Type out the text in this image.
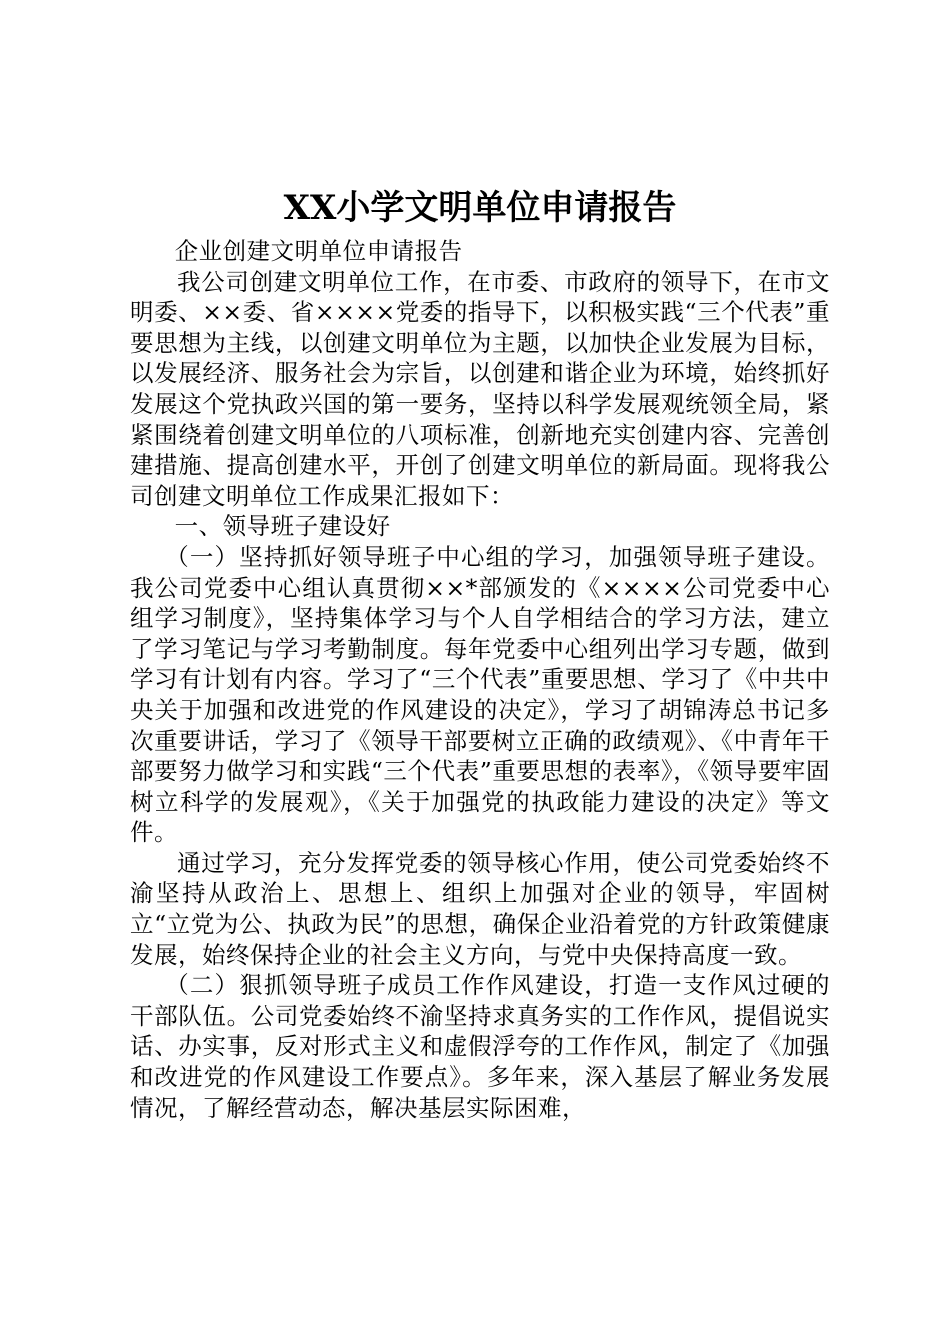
XX小学文明单位申请报告

企业创建文明单位申请报告

我公司创建文明单位工作，在市委、市政府的领导下，在市文明委、××委、省××××党委的指导下，以积极实践“三个代表”重要思想为主线，以创建文明单位为主题，以加快企业发展为目标，以发展经济、服务社会为宗旨，以创建和谐企业为环境，始终抓好发展这个党执政兴国的第一要务，坚持以科学发展观统领全局，紧紧围绕着创建文明单位的八项标准，创新地充实创建内容、完善创建措施、提高创建水平，开创了创建文明单位的新局面。现将我公司创建文明单位工作成果汇报如下：

一、领导班子建设好

（一）坚持抓好领导班子中心组的学习，加强领导班子建设。我公司党委中心组认真贯彻××*部颁发的《××××公司党委中心组学习制度》，坚持集体学习与个人自学相结合的学习方法，建立了学习笔记与学习考勤制度。每年党委中心组列出学习专题，做到学习有计划有内容。学习了“三个代表”重要思想、学习了《中共中央关于加强和改进党的作风建设的决定》，学习了胡锦涛总书记多次重要讲话，学习了《领导干部要树立正确的政绩观》、《中青年干部要努力做学习和实践“三个代表”重要思想的表率》，《领导要牢固树立科学的发展观》，《关于加强党的执政能力建设的决定》等文件。

通过学习，充分发挥党委的领导核心作用，使公司党委始终不渝坚持从政治上、思想上、组织上加强对企业的领导，牢固树立“立党为公、执政为民”的思想，确保企业沿着党的方针政策健康发展，始终保持企业的社会主义方向，与党中央保持高度一致。

（二）狠抓领导班子成员工作作风建设，打造一支作风过硬的干部队伍。公司党委始终不渝坚持求真务实的工作作风，提倡说实话、办实事，反对形式主义和虚假浮夸的工作作风，制定了《加强和改进党的作风建设工作要点》。多年来，深入基层了解业务发展情况，了解经营动态，解决基层实际困难，
